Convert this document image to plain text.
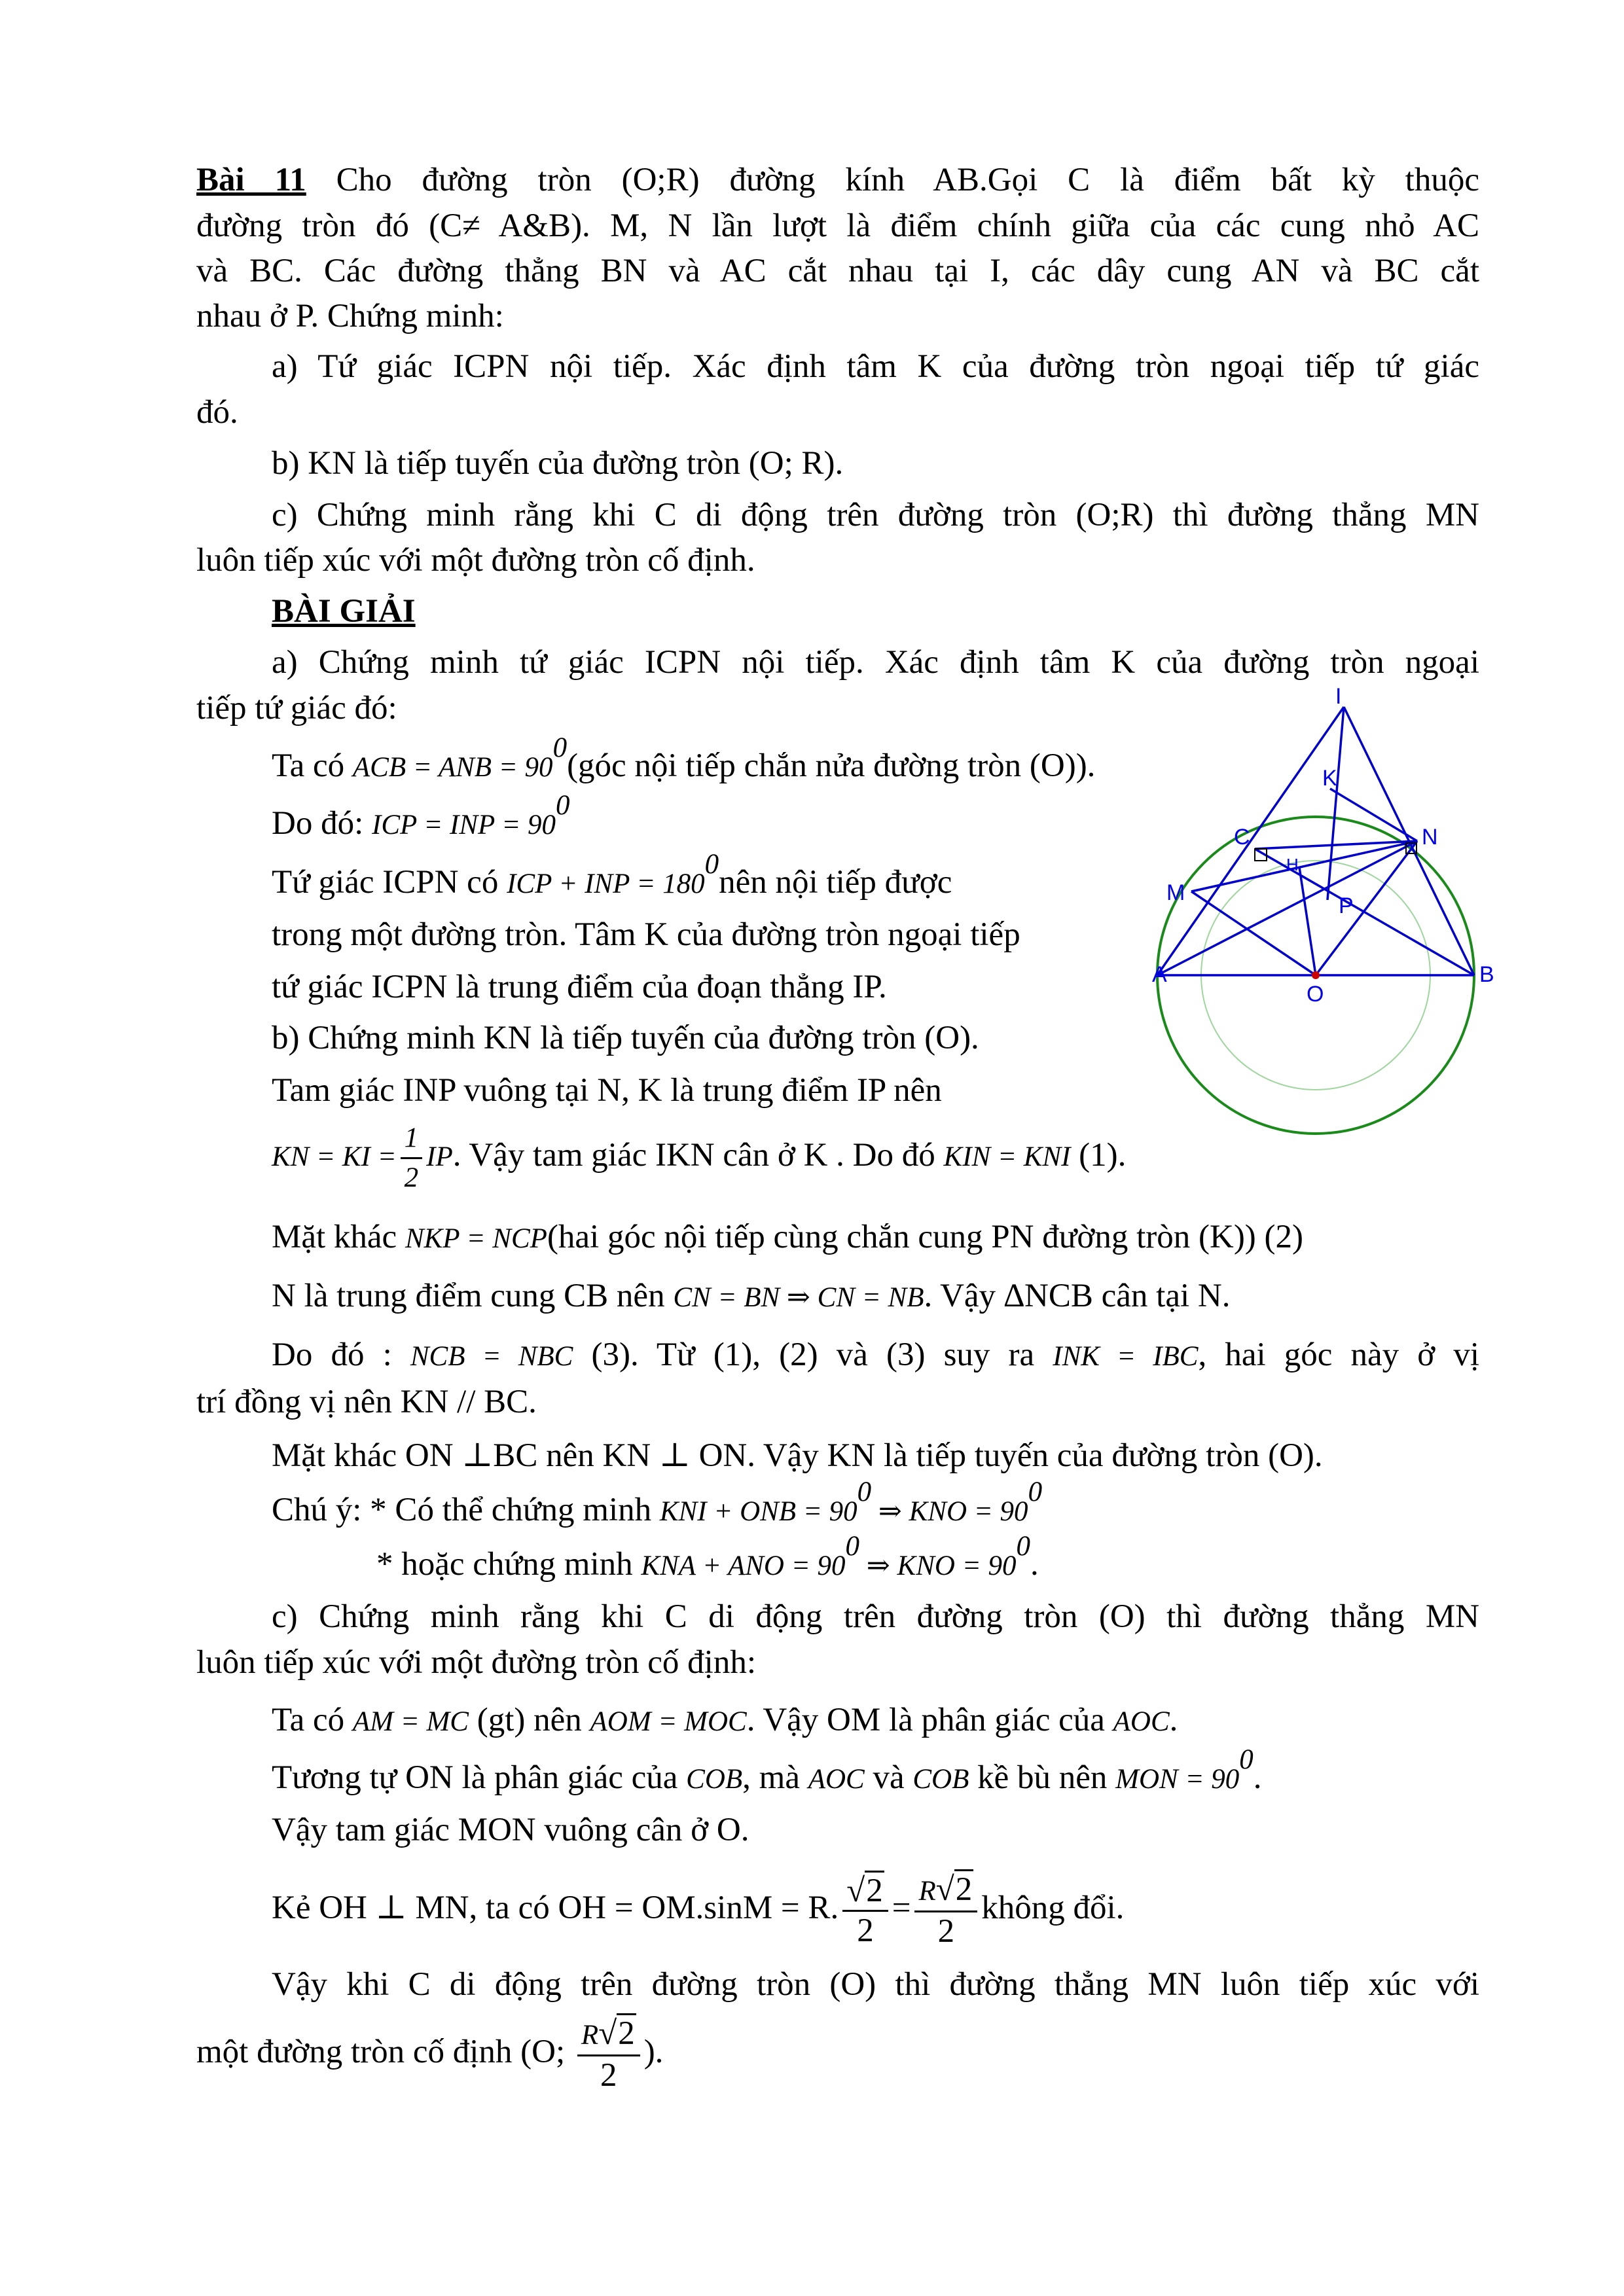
Bài 11 Cho đường tròn (O;R) đường kính AB.Gọi C là điểm bất kỳ thuộc
đường tròn đó (C≠ A&B). M, N lần lượt là điểm chính giữa của các cung nhỏ AC
và BC. Các đường thẳng BN và AC cắt nhau tại I, các dây cung AN và BC cắt
nhau ở P. Chứng minh:
a) Tứ giác ICPN nội tiếp. Xác định tâm K của đường tròn ngoại tiếp tứ giác
đó.
b) KN là tiếp tuyến của đường tròn (O; R).
c) Chứng minh rằng khi C di động trên đường tròn (O;R) thì đường thẳng MN
luôn tiếp xúc với một đường tròn cố định.
BÀI GIẢI
a) Chứng minh tứ giác ICPN nội tiếp. Xác định tâm K của đường tròn ngoại
tiếp tứ giác đó:
Ta có ACB = ANB = $90^0(góc$ nội tiếp chắn nửa đường tròn (O)).
Do đó: ICP = INP = $90^0$
Tứ giác ICPN có ICP + INP = $180^0nên$ nội tiếp được
trong một đường tròn. Tâm K của đường tròn ngoại tiếp
tứ giác ICPN là trung điểm của đoạn thẳng IP.
b) Chứng minh KN là tiếp tuyến của đường tròn (O).
Tam giác INP vuông tại N, K là trung điểm IP nên
KN = KI = $\frac{1}{2}$ IP. Vậy tam giác IKN cân ở K . Do đó KIN = KNI (1).
Mặt khác NKP = NCP(hai góc nội tiếp cùng chắn cung PN đường tròn (K)) (2)
N là trung điểm cung CB nên CN = BN ⇒ CN = NB. Vậy ∆NCB cân tại N.
Do đó : NCB = NBC (3). Từ (1), (2) và (3) suy ra INK = IBC, hai góc này ở vị
trí đồng vị nên KN // BC.
Mặt khác ON ⊥BC nên KN ⊥ ON. Vậy KN là tiếp tuyến của đường tròn (O).
Chú ý: * Có thể chứng minh KNI + ONB = $90^0$ ⇒ KNO = $90^0$
* hoặc chứng minh KNA + ANO = $90^0$ ⇒ KNO = $90^0$.
c) Chứng minh rằng khi C di động trên đường tròn (O) thì đường thẳng MN
luôn tiếp xúc với một đường tròn cố định:
Ta có AM = MC (gt) nên AOM = MOC. Vậy OM là phân giác của AOC.
Tương tự ON là phân giác của COB, mà AOC và COB kề bù nên MON = $90^0$.
Vậy tam giác MON vuông cân ở O.
Kẻ OH ⊥ MN, ta có OH = OM.sinM = R. $\frac{√2}{2} = \frac{R√2}{2}$ không đổi.
Vậy khi C di động trên đường tròn (O) thì đường thẳng MN luôn tiếp xúc với
một đường tròn cố định (O; $\frac{R√2}{2}$ ).
I
K
C	N
H
M
P
A
O
B
